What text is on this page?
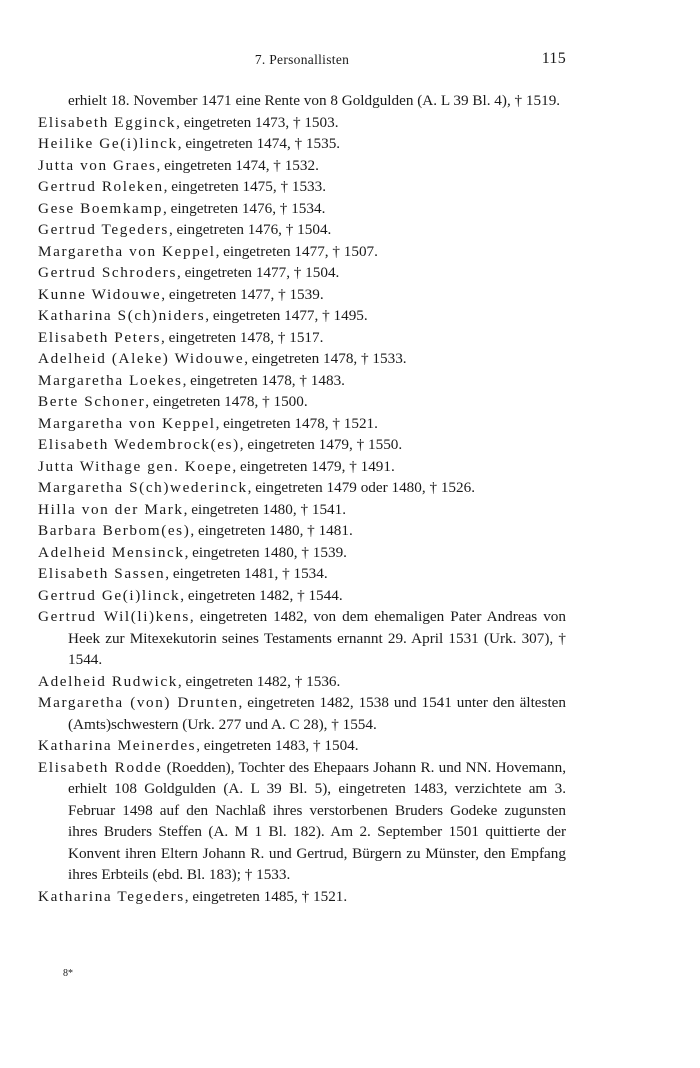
7. Personallisten	115
erhielt 18. November 1471 eine Rente von 8 Goldgulden (A. L 39 Bl. 4), † 1519.
Elisabeth Egginck, eingetreten 1473, † 1503.
Heilike Ge(i)linck, eingetreten 1474, † 1535.
Jutta von Graes, eingetreten 1474, † 1532.
Gertrud Roleken, eingetreten 1475, † 1533.
Gese Boemkamp, eingetreten 1476, † 1534.
Gertrud Tegeders, eingetreten 1476, † 1504.
Margaretha von Keppel, eingetreten 1477, † 1507.
Gertrud Schroders, eingetreten 1477, † 1504.
Kunne Widouwe, eingetreten 1477, † 1539.
Katharina S(ch)niders, eingetreten 1477, † 1495.
Elisabeth Peters, eingetreten 1478, † 1517.
Adelheid (Aleke) Widouwe, eingetreten 1478, † 1533.
Margaretha Loekes, eingetreten 1478, † 1483.
Berte Schoner, eingetreten 1478, † 1500.
Margaretha von Keppel, eingetreten 1478, † 1521.
Elisabeth Wedembrock(es), eingetreten 1479, † 1550.
Jutta Withage gen. Koepe, eingetreten 1479, † 1491.
Margaretha S(ch)wederinck, eingetreten 1479 oder 1480, † 1526.
Hilla von der Mark, eingetreten 1480, † 1541.
Barbara Berbom(es), eingetreten 1480, † 1481.
Adelheid Mensinck, eingetreten 1480, † 1539.
Elisabeth Sassen, eingetreten 1481, † 1534.
Gertrud Ge(i)linck, eingetreten 1482, † 1544.
Gertrud Wil(li)kens, eingetreten 1482, von dem ehemaligen Pater Andreas von Heek zur Mitexekutorin seines Testaments ernannt 29. April 1531 (Urk. 307), † 1544.
Adelheid Rudwick, eingetreten 1482, † 1536.
Margaretha (von) Drunten, eingetreten 1482, 1538 und 1541 unter den ältesten (Amts)schwestern (Urk. 277 und A. C 28), † 1554.
Katharina Meinerdes, eingetreten 1483, † 1504.
Elisabeth Rodde (Roedden), Tochter des Ehepaars Johann R. und NN. Hovemann, erhielt 108 Goldgulden (A. L 39 Bl. 5), eingetreten 1483, verzichtete am 3. Februar 1498 auf den Nachlaß ihres verstorbenen Bruders Godeke zugunsten ihres Bruders Steffen (A. M 1 Bl. 182). Am 2. September 1501 quittierte der Konvent ihren Eltern Johann R. und Gertrud, Bürgern zu Münster, den Empfang ihres Erbteils (ebd. Bl. 183); † 1533.
Katharina Tegeders, eingetreten 1485, † 1521.
8*
